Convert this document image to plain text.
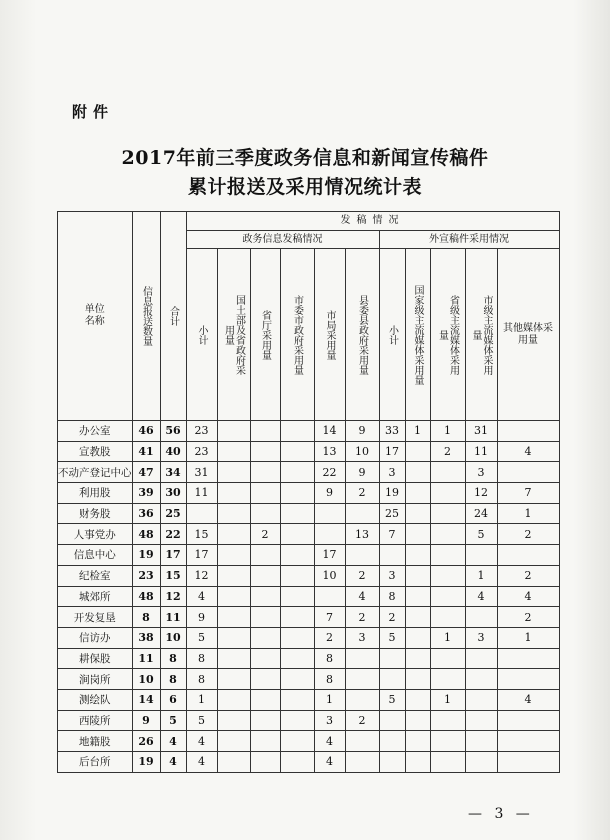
附件
2017年前三季度政务信息和新闻宣传稿件
累计报送及采用情况统计表
单位名称	信息报送数量	合计	发稿情况										
			政务信息发稿情况						外宣稿件采用情况				

			小计	国土部及省政府采用量	省厅采用量	市委市政府采用量	市局采用量	县委县政府采用量	小计	国家级主流媒体采用量	省级主流媒体采用量	市级主流媒体采用量	其他媒体采用量

办公室	46	56	23				14	9	33	1	1	31	
宣教股	41	40	23				13	10	17		2	11	4
不动产登记中心	47	34	31				22	9	3			3	
利用股	39	30	11				9	2	19			12	7
财务股	36	25							25			24	1
人事党办	48	22	15		2			13	7			5	2
信息中心	19	17	17				17						
纪检室	23	15	12				10	2	3			1	2
城郊所	48	12	4					4	8			4	4
开发复垦	8	11	9				7	2	2				2
信访办	38	10	5				2	3	5		1	3	1
耕保股	11	8	8				8						
涧岗所	10	8	8				8						
测绘队	14	6	1				1		5		1		4
西陵所	9	5	5				3	2					
地籍股	26	4	4				4						
后台所	19	4	4				4						
— 3 —
